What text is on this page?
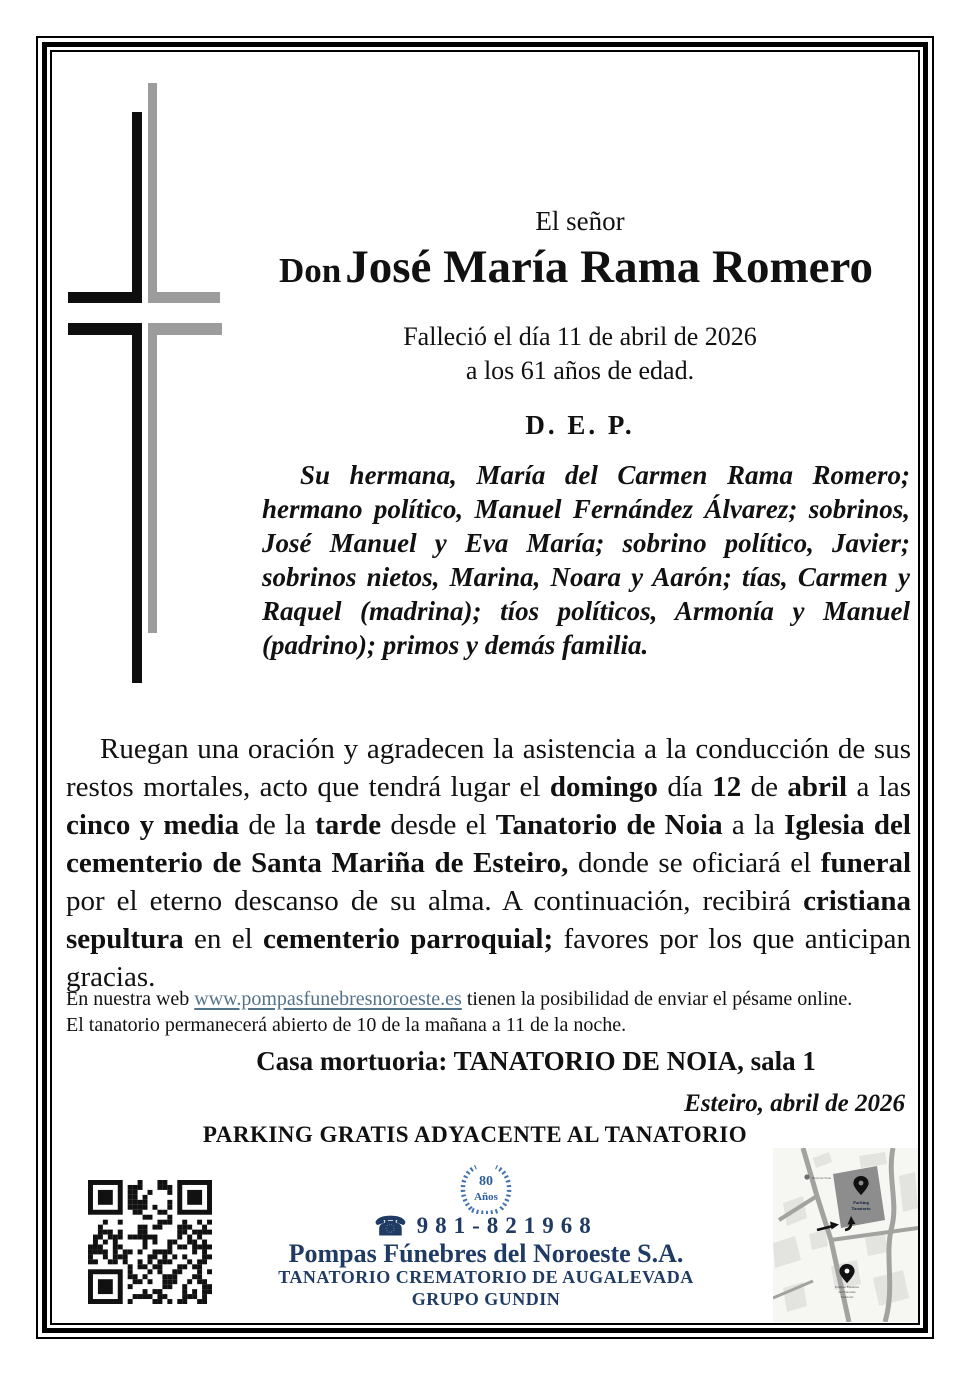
El señor
Don José María Rama Romero
Falleció el día 11 de abril de 2026
a los 61 años de edad.
D. E. P.
Su hermana, María del Carmen Rama Romero; hermano político, Manuel Fernández Álvarez; sobrinos, José Manuel y Eva María; sobrino político, Javier; sobrinos nietos, Marina, Noara y Aarón; tías, Carmen y Raquel (madrina); tíos políticos, Armonía y Manuel (padrino); primos y demás familia.
Ruegan una oración y agradecen la asistencia a la conducción de sus restos mortales, acto que tendrá lugar el domingo día 12 de abril a las cinco y media de la tarde desde el Tanatorio de Noia a la Iglesia del cementerio de Santa Mariña de Esteiro, donde se oficiará el funeral por el eterno descanso de su alma. A continuación, recibirá cristiana sepultura en el cementerio parroquial; favores por los que anticipan gracias.
En nuestra web www.pompasfunebresnoroeste.es tienen la posibilidad de enviar el pésame online.
El tanatorio permanecerá abierto de 10 de la mañana a 11 de la noche.
Casa mortuoria: TANATORIO DE NOIA, sala 1
Esteiro, abril de 2026
PARKING GRATIS ADYACENTE AL TANATORIO
80
Años
☎ 981-821968
Pompas Fúnebres del Noroeste S.A.
TANATORIO CREMATORIO DE AUGALEVADA
GRUPO GUNDIN
Parking
Tanatorio
Hotel de Noia
Pompas Fúnebres
del Noroeste
Tanatorio
